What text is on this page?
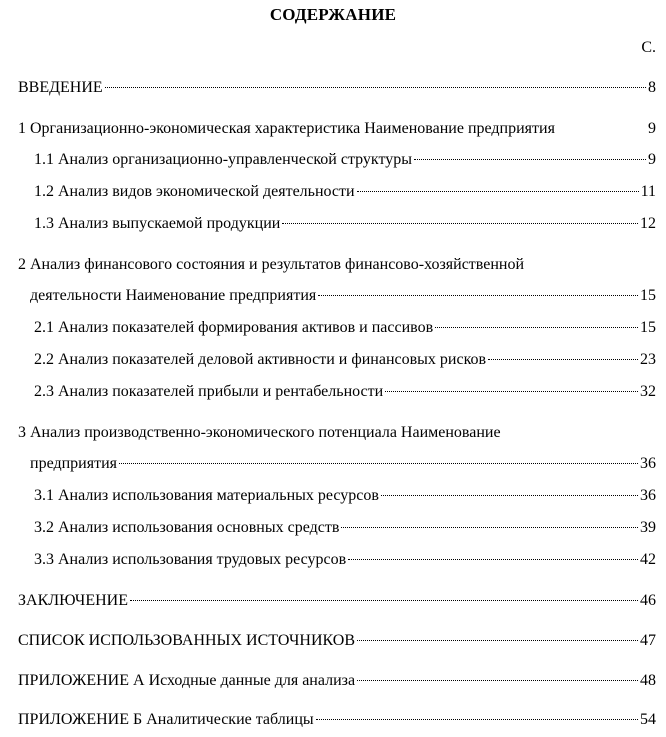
СОДЕРЖАНИЕ
С.
ВВЕДЕНИЕ	8
1 Организационно-экономическая характеристика Наименование предприятия	9
1.1 Анализ организационно-управленческой структуры	9
1.2 Анализ видов экономической деятельности	11
1.3 Анализ выпускаемой продукции	12
2 Анализ финансового состояния и результатов финансово-хозяйственной
деятельности Наименование предприятия	15
2.1 Анализ показателей формирования активов и пассивов	15
2.2 Анализ показателей деловой активности и финансовых рисков	23
2.3 Анализ показателей прибыли и рентабельности	32
3 Анализ производственно-экономического потенциала Наименование
предприятия	36
3.1 Анализ использования материальных ресурсов	36
3.2 Анализ использования основных средств	39
3.3 Анализ использования трудовых ресурсов	42
ЗАКЛЮЧЕНИЕ	46
СПИСОК ИСПОЛЬЗОВАННЫХ ИСТОЧНИКОВ	47
ПРИЛОЖЕНИЕ А Исходные данные для анализа	48
ПРИЛОЖЕНИЕ Б Аналитические таблицы	54
